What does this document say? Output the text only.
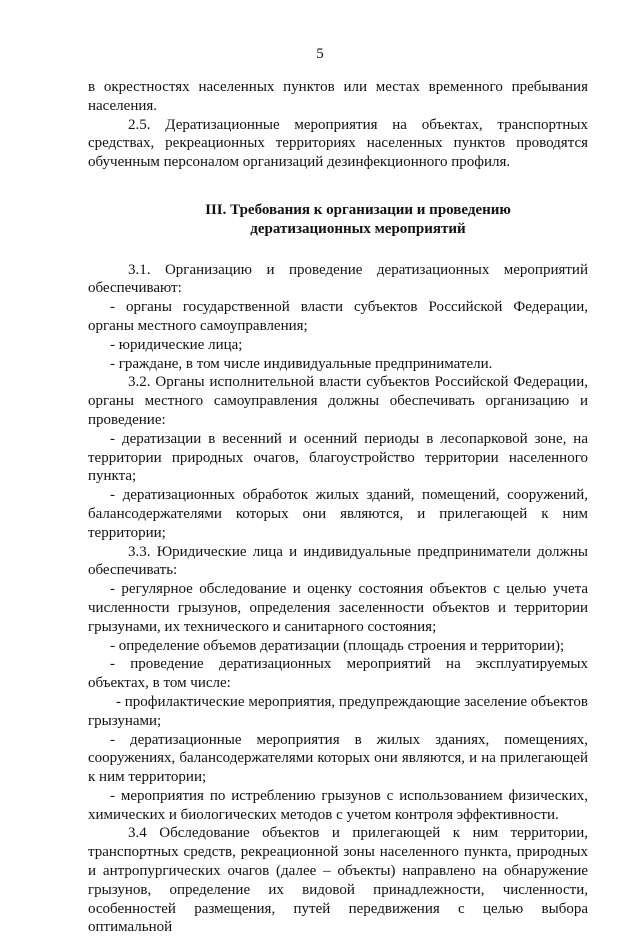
5

в окрестностях населенных пунктов или местах временного пребывания населения.

2.5. Дератизационные мероприятия на объектах, транспортных средствах, рекреационных территориях населенных пунктов проводятся обученным персоналом организаций дезинфекционного профиля.

III. Требования к организации и проведению
дератизационных мероприятий

3.1. Организацию и проведение дератизационных мероприятий обеспечивают:

- органы государственной власти субъектов Российской Федерации, органы местного самоуправления;

- юридические лица;

- граждане, в том числе индивидуальные предприниматели.

3.2. Органы исполнительной власти субъектов Российской Федерации, органы местного самоуправления должны обеспечивать организацию и проведение:

- дератизации в весенний и осенний периоды в лесопарковой зоне, на территории природных очагов, благоустройство территории населенного пункта;

- дератизационных обработок жилых зданий, помещений, сооружений, балансодержателями которых они являются, и прилегающей к ним территории;

3.3. Юридические лица и индивидуальные предприниматели должны обеспечивать:

- регулярное обследование и оценку состояния объектов с целью учета численности грызунов, определения заселенности объектов и территории грызунами, их технического и санитарного состояния;

- определение объемов дератизации (площадь строения и территории);

- проведение дератизационных мероприятий на эксплуатируемых объектах, в том числе:

- профилактические мероприятия, предупреждающие заселение объектов грызунами;

- дератизационные мероприятия в жилых зданиях, помещениях, сооружениях, балансодержателями которых они являются, и на прилегающей к ним территории;

- мероприятия по истреблению грызунов с использованием физических, химических и биологических методов с учетом контроля эффективности.

3.4 Обследование объектов и прилегающей к ним территории, транспортных средств, рекреационной зоны населенного пункта, природных и антропургических очагов (далее – объекты) направлено на обнаружение грызунов, определение их видовой принадлежности, численности, особенностей размещения, путей передвижения с целью выбора оптимальной
